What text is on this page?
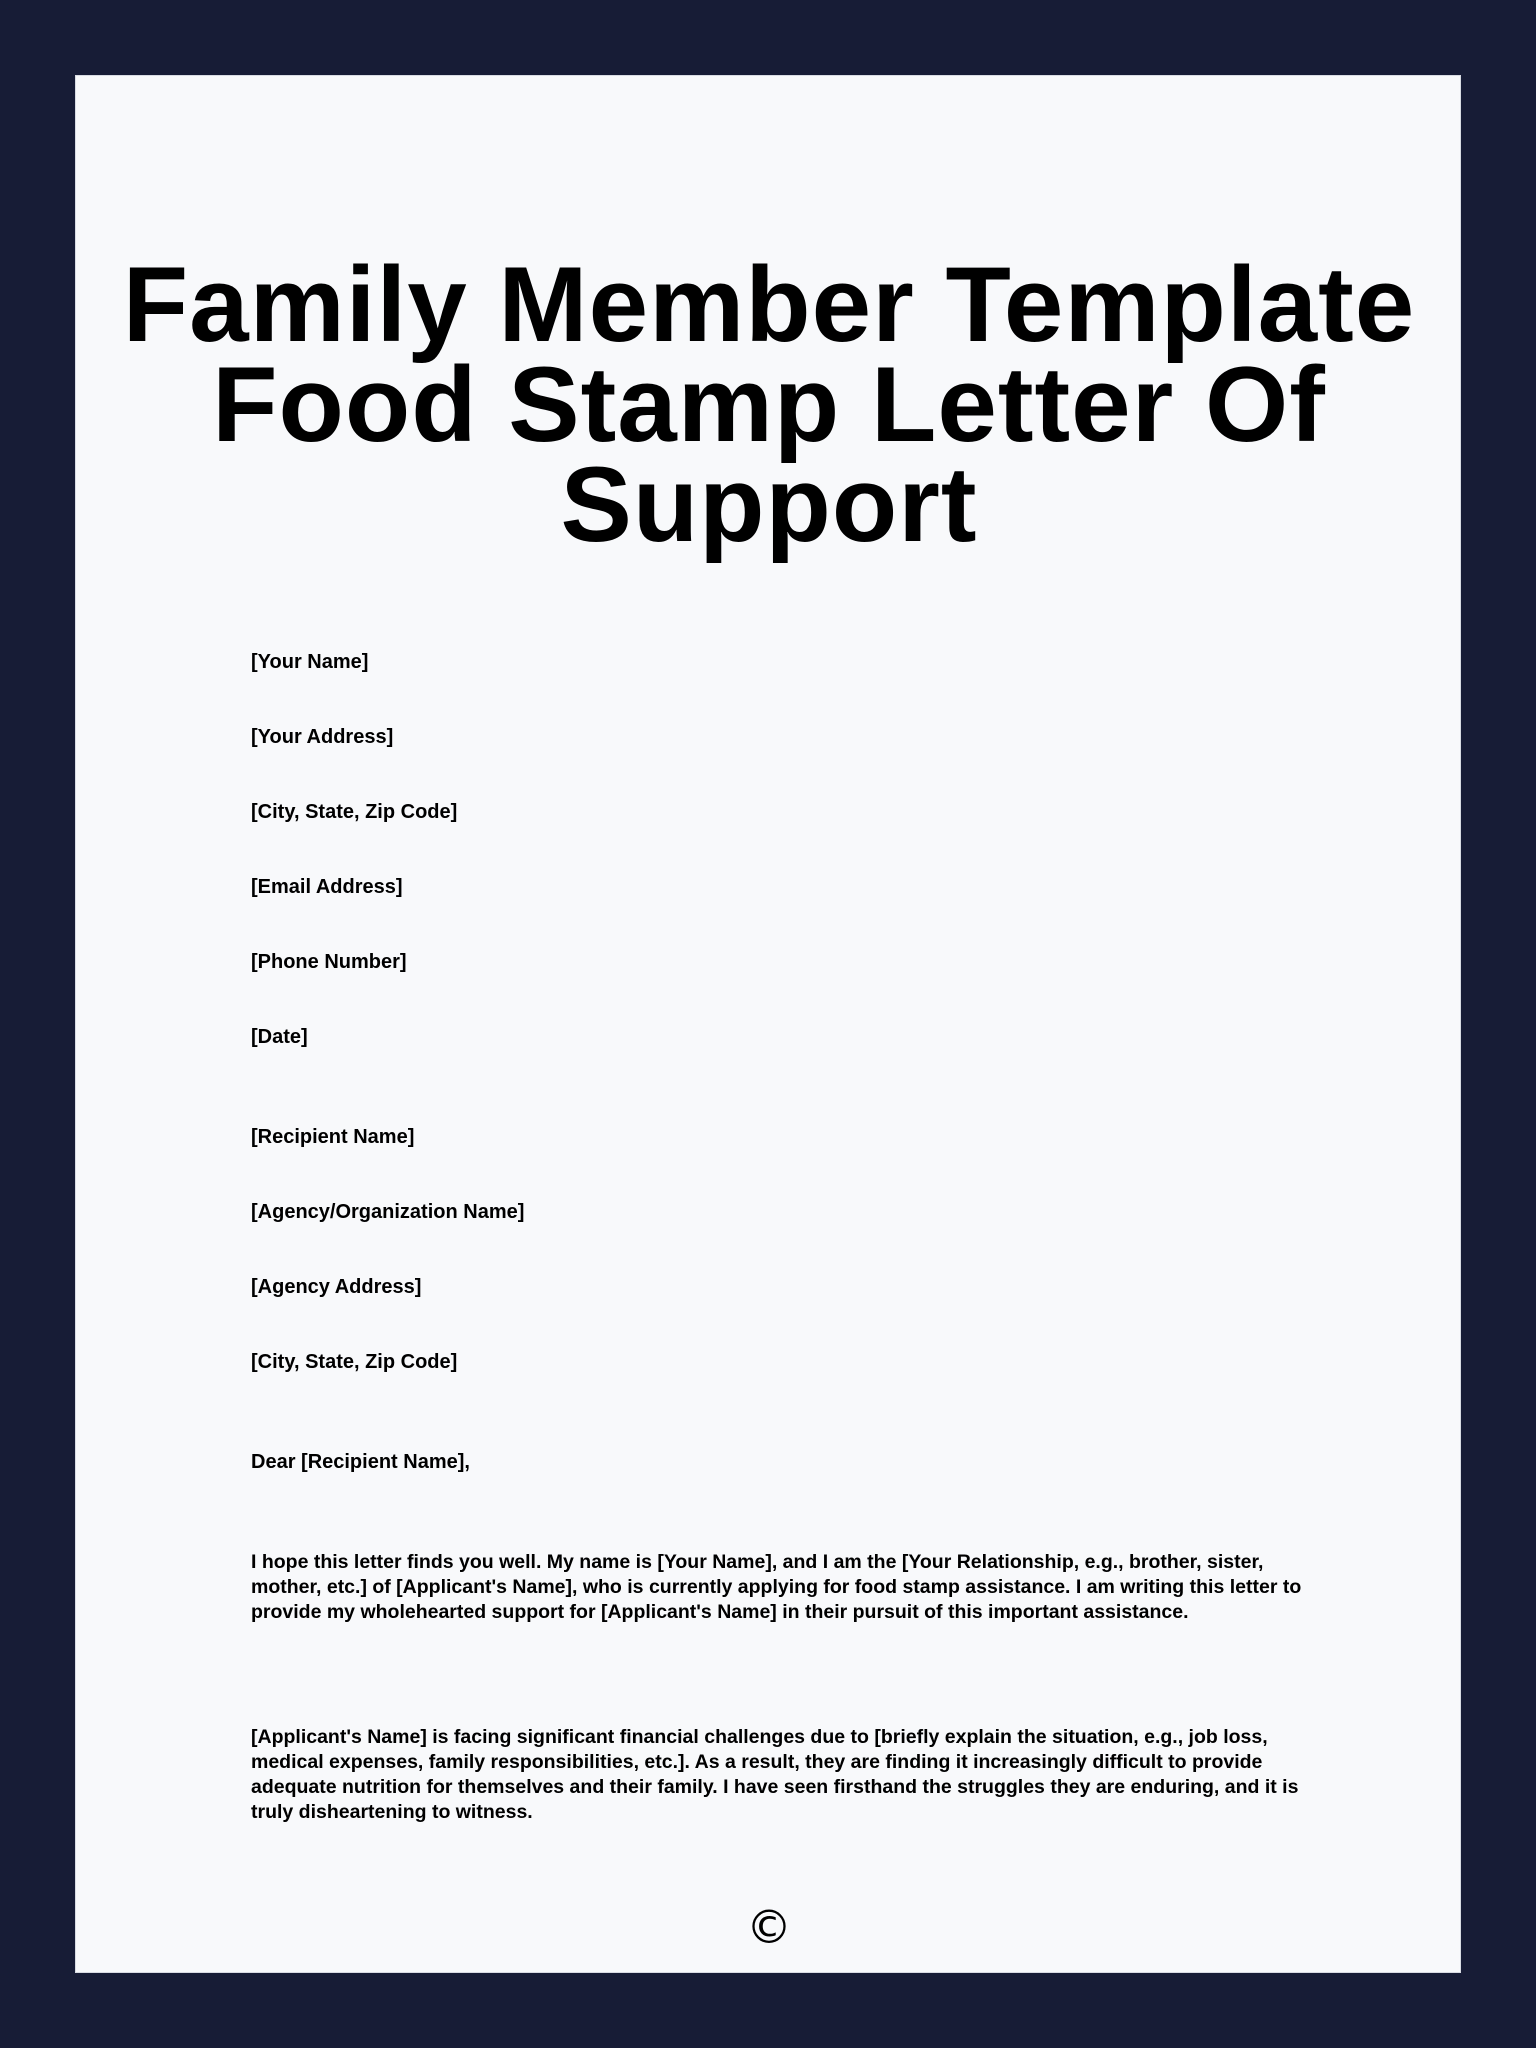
Family Member Template Food Stamp Letter Of Support

[Your Name]

[Your Address]

[City, State, Zip Code]

[Email Address]

[Phone Number]

[Date]

[Recipient Name]

[Agency/Organization Name]

[Agency Address]

[City, State, Zip Code]

Dear [Recipient Name],

I hope this letter finds you well. My name is [Your Name], and I am the [Your Relationship, e.g., brother, sister, mother, etc.] of [Applicant's Name], who is currently applying for food stamp assistance. I am writing this letter to provide my wholehearted support for [Applicant's Name] in their pursuit of this important assistance.

[Applicant's Name] is facing significant financial challenges due to [briefly explain the situation, e.g., job loss, medical expenses, family responsibilities, etc.]. As a result, they are finding it increasingly difficult to provide adequate nutrition for themselves and their family. I have seen firsthand the struggles they are enduring, and it is truly disheartening to witness.

©
